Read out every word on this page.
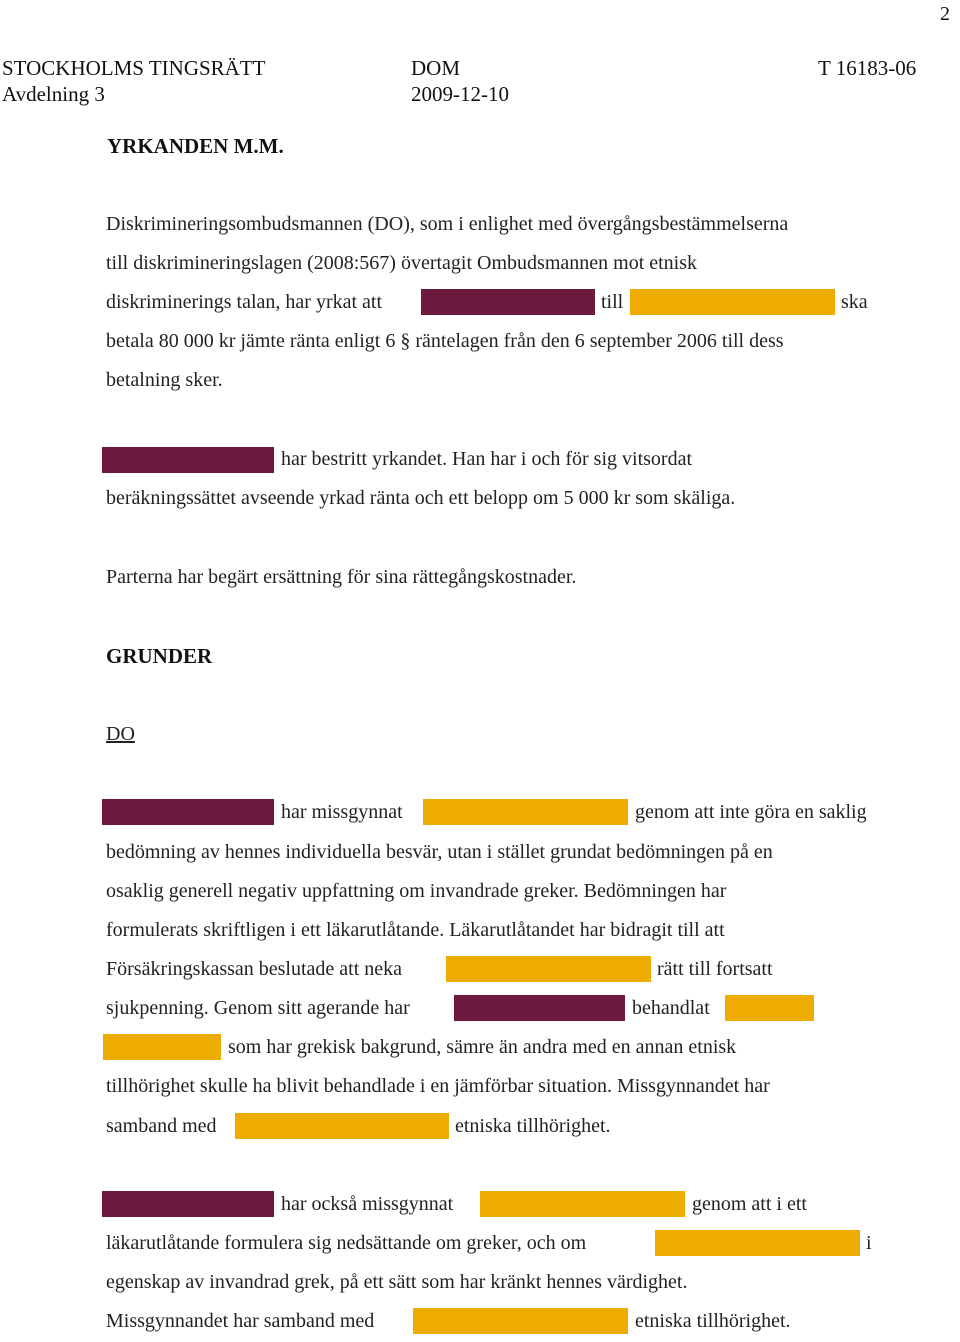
2
STOCKHOLMS TINGSRÄTT
Avdelning 3
DOM
2009-12-10
T 16183-06
YRKANDEN M.M.
Diskrimineringsombudsmannen (DO), som i enlighet med övergångsbestämmelserna
till diskrimineringslagen (2008:567) övertagit Ombudsmannen mot etnisk
diskriminerings talan, har yrkat att	till	ska
betala 80 000 kr jämte ränta enligt 6 § räntelagen från den 6 september 2006 till dess
betalning sker.
har bestritt yrkandet. Han har i och för sig vitsordat
beräkningssättet avseende yrkad ränta och ett belopp om 5 000 kr som skäliga.
Parterna har begärt ersättning för sina rättegångskostnader.
GRUNDER
DO
har missgynnat	genom att inte göra en saklig
bedömning av hennes individuella besvär, utan i stället grundat bedömningen på en
osaklig generell negativ uppfattning om invandrade greker. Bedömningen har
formulerats skriftligen i ett läkarutlåtande. Läkarutlåtandet har bidragit till att
Försäkringskassan beslutade att neka	rätt till fortsatt
sjukpenning. Genom sitt agerande har	behandlat
som har grekisk bakgrund, sämre än andra med en annan etnisk
tillhörighet skulle ha blivit behandlade i en jämförbar situation. Missgynnandet har
samband med	etniska tillhörighet.
har också missgynnat	genom att i ett
läkarutlåtande formulera sig nedsättande om greker, och om	i
egenskap av invandrad grek, på ett sätt som har kränkt hennes värdighet.
Missgynnandet har samband med	etniska tillhörighet.
